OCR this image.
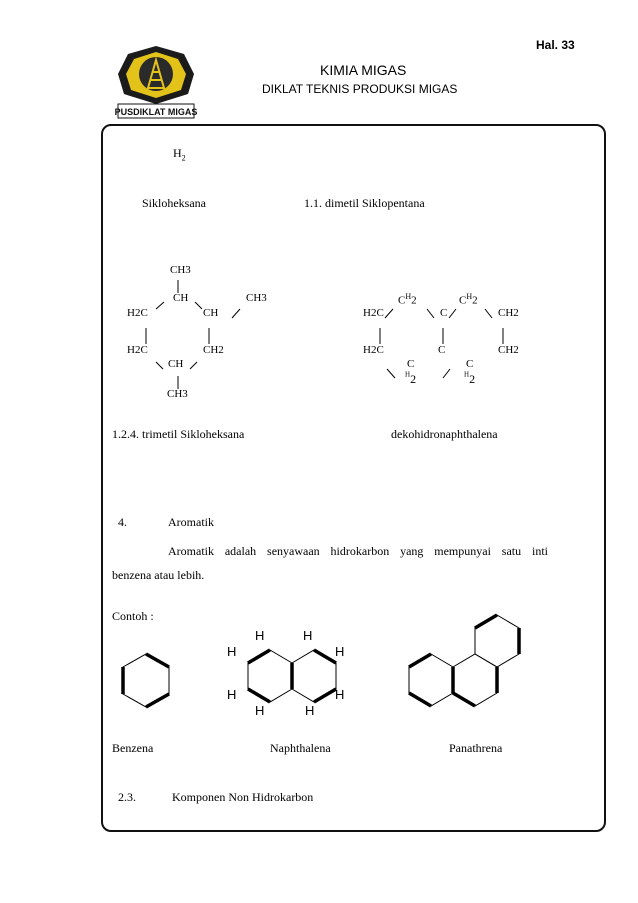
Hal. 33
KIMIA MIGAS
DIKLAT TEKNIS PRODUKSI MIGAS
PUSDIKLAT MIGAS
$H_2$
Sikloheksana	1.1. dimetil Siklopentana
CH3
CH	CH3
H2C	CH
H2C	CH2
CH
CH3
1.2.4. trimetil Sikloheksana
$C^H2$	$C^H2$
H2C	C	CH2
H2C	C	CH2
C	C
$^H$2	$^H$2
dekohidronaphthalena
4.	Aromatik
Aromatik adalah senyawaan hidrokarbon yang mempunyai satu inti
benzena atau lebih.
Contoh :
H	H
H	H
H	H
H	H
Benzena	Naphthalena	Panathrena
2.3.	Komponen Non Hidrokarbon
